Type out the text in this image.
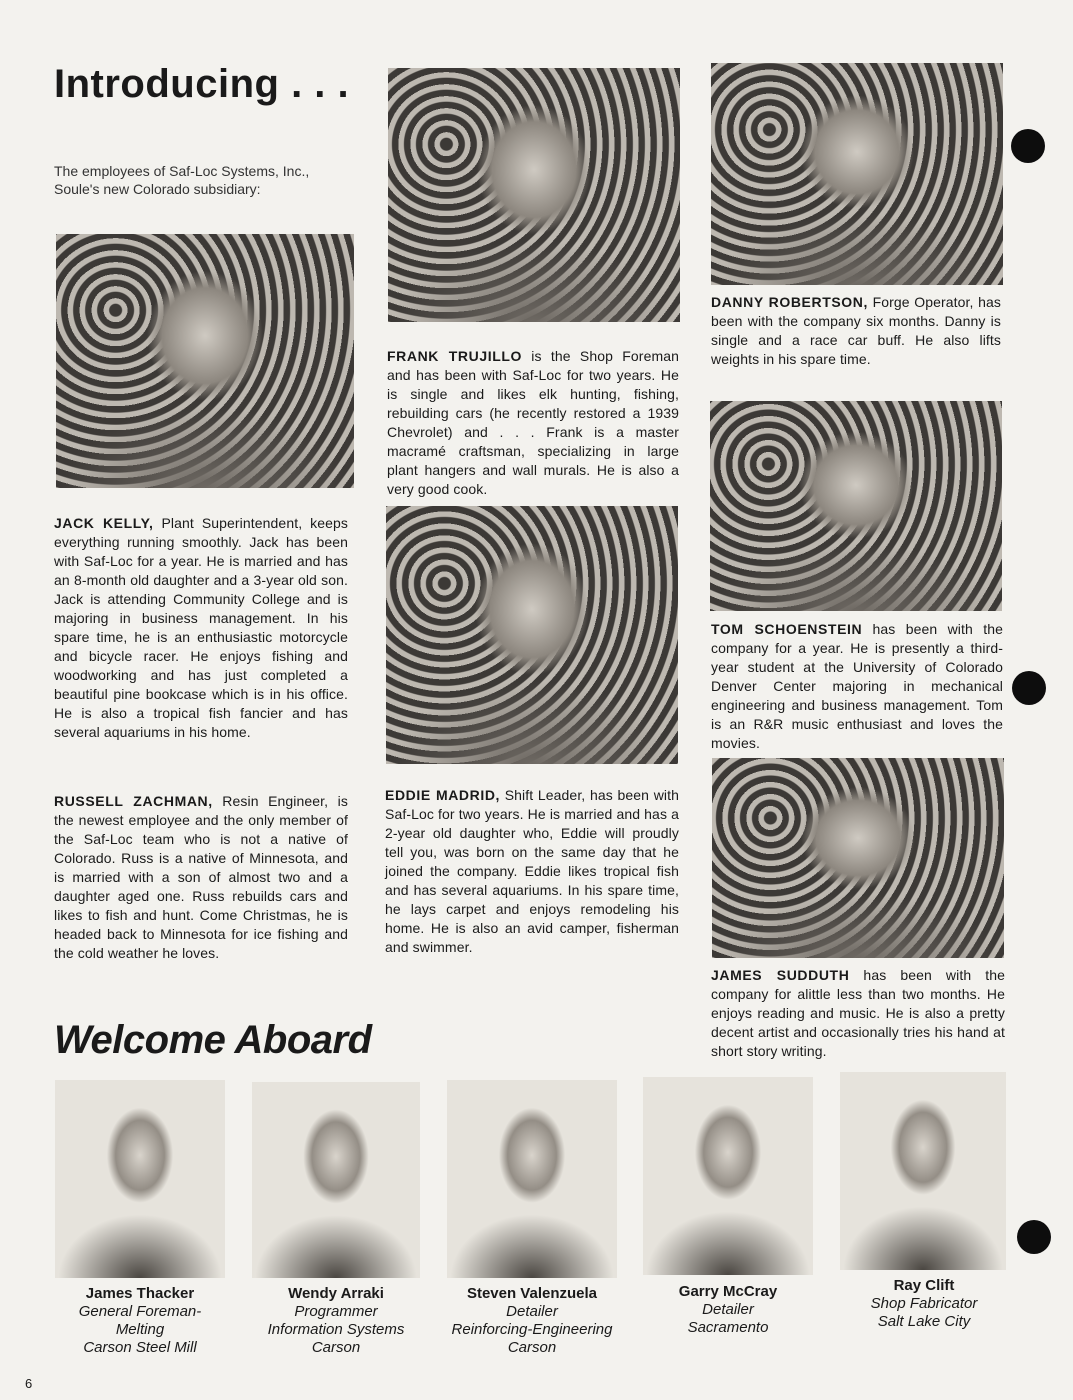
Introducing . . .
The employees of Saf-Loc Systems, Inc., Soule's new Colorado subsidiary:
JACK KELLY, Plant Superintendent, keeps everything running smoothly. Jack has been with Saf-Loc for a year. He is married and has an 8-month old daughter and a 3-year old son. Jack is attending Community College and is majoring in business management. In his spare time, he is an enthusiastic motorcycle and bicycle racer. He enjoys fishing and woodworking and has just completed a beautiful pine bookcase which is in his office. He is also a tropical fish fancier and has several aquariums in his home.
RUSSELL ZACHMAN, Resin Engineer, is the newest employee and the only member of the Saf-Loc team who is not a native of Colorado. Russ is a native of Minnesota, and is married with a son of almost two and a daughter aged one. Russ rebuilds cars and likes to fish and hunt. Come Christmas, he is headed back to Minnesota for ice fishing and the cold weather he loves.
FRANK TRUJILLO is the Shop Foreman and has been with Saf-Loc for two years. He is single and likes elk hunting, fishing, rebuilding cars (he recently restored a 1939 Chevrolet) and . . . Frank is a master macramé craftsman, specializing in large plant hangers and wall murals. He is also a very good cook.
EDDIE MADRID, Shift Leader, has been with Saf-Loc for two years. He is married and has a 2-year old daughter who, Eddie will proudly tell you, was born on the same day that he joined the company. Eddie likes tropical fish and has several aquariums. In his spare time, he lays carpet and enjoys remodeling his home. He is also an avid camper, fisherman and swimmer.
DANNY ROBERTSON, Forge Operator, has been with the company six months. Danny is single and a race car buff. He also lifts weights in his spare time.
TOM SCHOENSTEIN has been with the company for a year. He is presently a third-year student at the University of Colorado Denver Center majoring in mechanical engineering and business management. Tom is an R&R music enthusiast and loves the movies.
JAMES SUDDUTH has been with the company for alittle less than two months. He enjoys reading and music. He is also a pretty decent artist and occasionally tries his hand at short story writing.
Welcome Aboard
James Thacker
General Foreman-
Melting
Carson Steel Mill
Wendy Arraki
Programmer
Information Systems
Carson
Steven Valenzuela
Detailer
Reinforcing-Engineering
Carson
Garry McCray
Detailer
Sacramento
Ray Clift
Shop Fabricator
Salt Lake City
6
